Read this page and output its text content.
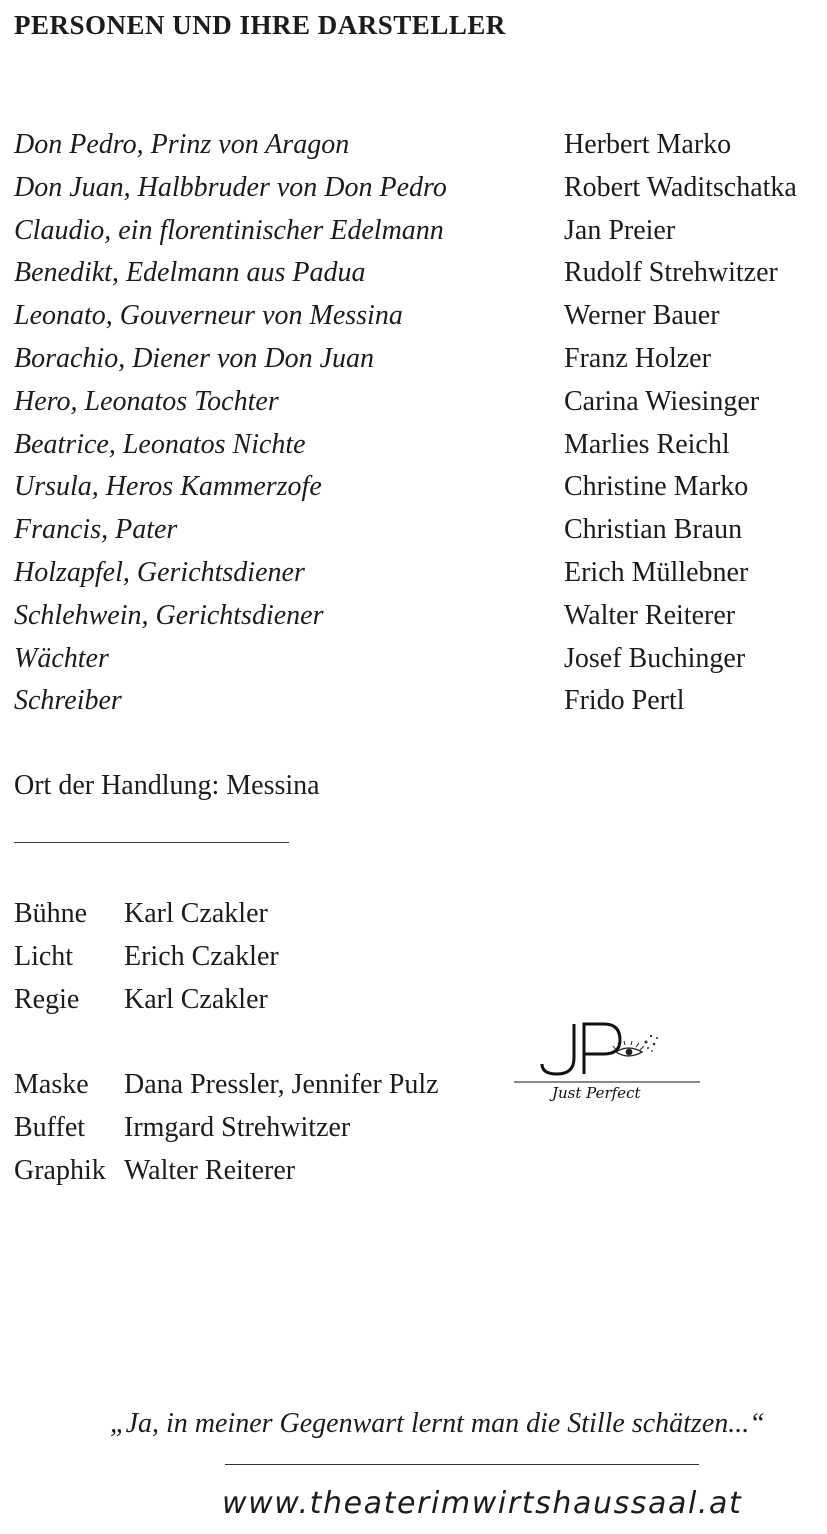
PERSONEN UND IHRE DARSTELLER
Don Pedro, Prinz von Aragon	Herbert Marko
Don Juan, Halbbruder von Don Pedro	Robert Waditschatka
Claudio, ein florentinischer Edelmann	Jan Preier
Benedikt, Edelmann aus Padua	Rudolf Strehwitzer
Leonato, Gouverneur von Messina	Werner Bauer
Borachio, Diener von Don Juan	Franz Holzer
Hero, Leonatos Tochter	Carina Wiesinger
Beatrice, Leonatos Nichte	Marlies Reichl
Ursula, Heros Kammerzofe	Christine Marko
Francis, Pater	Christian Braun
Holzapfel, Gerichtsdiener	Erich Müllebner
Schlehwein, Gerichtsdiener	Walter Reiterer
Wächter	Josef Buchinger
Schreiber	Frido Pertl
Ort der Handlung: Messina
Bühne Karl Czakler
Licht Erich Czakler
Regie Karl Czakler
Maske Dana Pressler, Jennifer Pulz
Buffet Irmgard Strehwitzer
Graphik Walter Reiterer
Just Perfect
„Ja, in meiner Gegenwart lernt man die Stille schätzen...“
www.theaterimwirtshaussaal.at
